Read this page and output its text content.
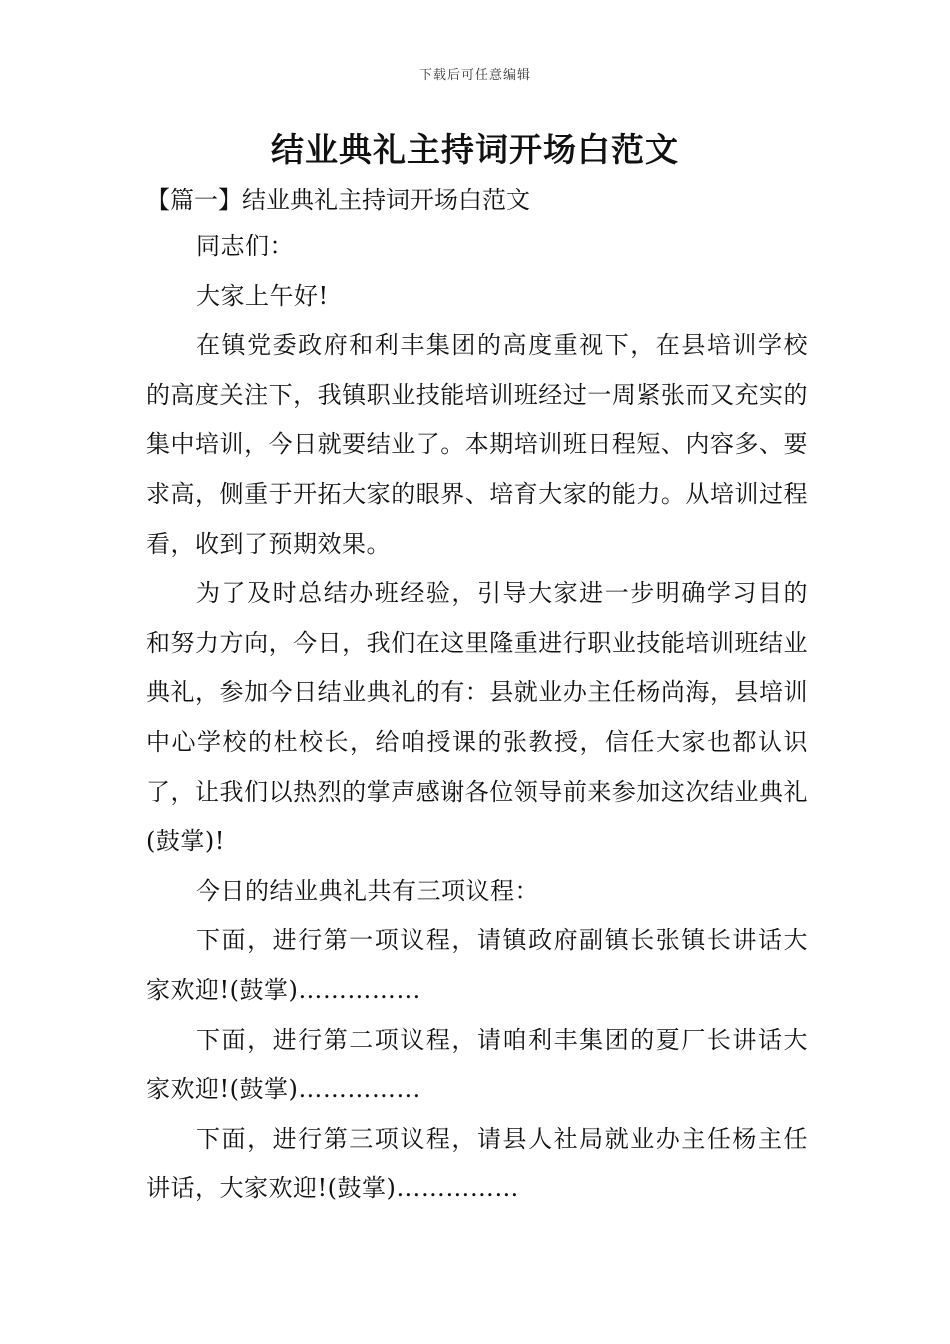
下载后可任意编辑
结业典礼主持词开场白范文
【篇一】结业典礼主持词开场白范文

同志们：

大家上午好!

在镇党委政府和利丰集团的高度重视下，在县培训学校的高度关注下，我镇职业技能培训班经过一周紧张而又充实的集中培训，今日就要结业了。本期培训班日程短、内容多、要求高，侧重于开拓大家的眼界、培育大家的能力。从培训过程看，收到了预期效果。

为了及时总结办班经验，引导大家进一步明确学习目的和努力方向，今日，我们在这里隆重进行职业技能培训班结业典礼，参加今日结业典礼的有：县就业办主任杨尚海，县培训中心学校的杜校长，给咱授课的张教授，信任大家也都认识了，让我们以热烈的掌声感谢各位领导前来参加这次结业典礼(鼓掌)!

今日的结业典礼共有三项议程：

下面，进行第一项议程，请镇政府副镇长张镇长讲话大家欢迎!(鼓掌)……………

下面，进行第二项议程，请咱利丰集团的夏厂长讲话大家欢迎!(鼓掌)……………

下面，进行第三项议程，请县人社局就业办主任杨主任讲话，大家欢迎!(鼓掌)……………
